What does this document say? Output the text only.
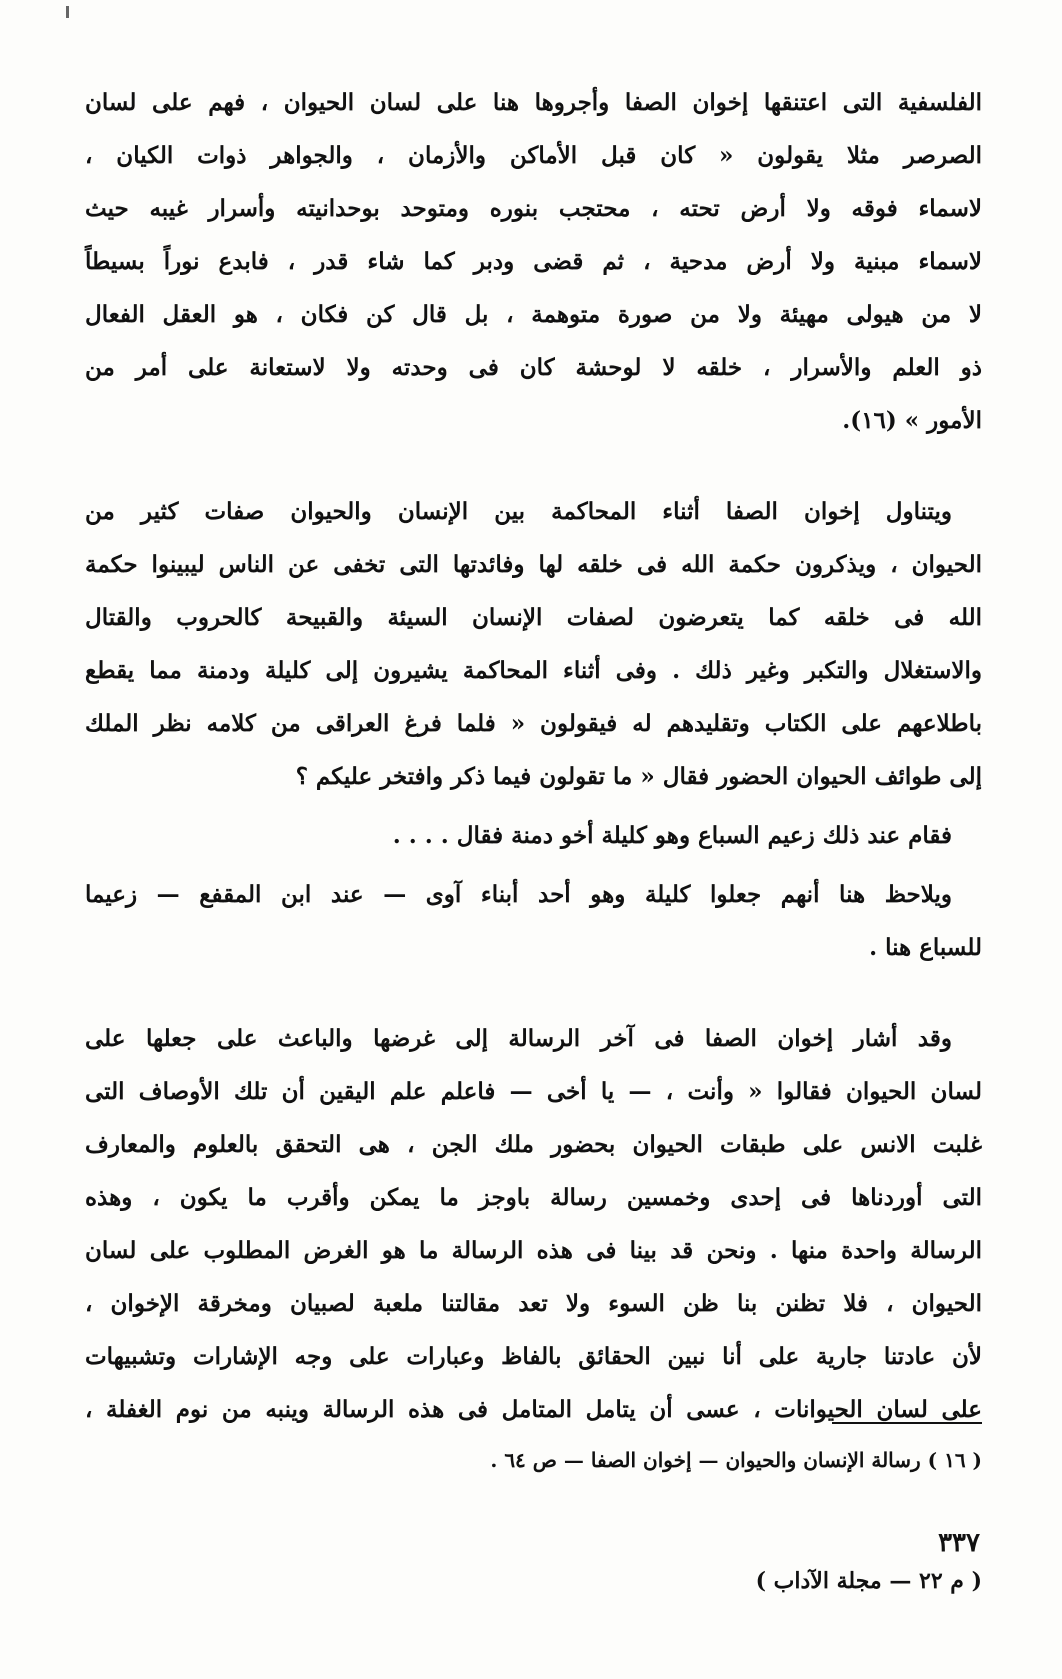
الفلسفية التى اعتنقها إخوان الصفا وأجروها هنا على لسان الحيوان ، فهم على لسان
الصرصر مثلا يقولون « كان قبل الأماكن والأزمان ، والجواهر ذوات الكيان ،
لاسماء فوقه ولا أرض تحته ، محتجب بنوره ومتوحد بوحدانيته وأسرار غيبه حيث
لاسماء مبنية ولا أرض مدحية ، ثم قضى ودبر كما شاء قدر ، فابدع نوراً بسيطاً
لا من هيولى مهيئة ولا من صورة متوهمة ، بل قال كن فكان ، هو العقل الفعال
ذو العلم والأسرار ، خلقه لا لوحشة كان فى وحدته ولا لاستعانة على أمر من
الأمور » (١٦).

ويتناول إخوان الصفا أثناء المحاكمة بين الإنسان والحيوان صفات كثير من
الحيوان ، ويذكرون حكمة الله فى خلقه لها وفائدتها التى تخفى عن الناس ليبينوا حكمة
الله فى خلقه كما يتعرضون لصفات الإنسان السيئة والقبيحة كالحروب والقتال
والاستغلال والتكبر وغير ذلك . وفى أثناء المحاكمة يشيرون إلى كليلة ودمنة مما يقطع
باطلاعهم على الكتاب وتقليدهم له فيقولون « فلما فرغ العراقى من كلامه نظر الملك
إلى طوائف الحيوان الحضور فقال « ما تقولون فيما ذكر وافتخر عليكم ؟

فقام عند ذلك زعيم السباع وهو كليلة أخو دمنة فقال . . . .

ويلاحظ هنا أنهم جعلوا كليلة وهو أحد أبناء آوى — عند ابن المقفع — زعيما
للسباع هنا .

وقد أشار إخوان الصفا فى آخر الرسالة إلى غرضها والباعث على جعلها على
لسان الحيوان فقالوا « وأنت ، — يا أخى — فاعلم علم اليقين أن تلك الأوصاف التى
غلبت الانس على طبقات الحيوان بحضور ملك الجن ، هى التحقق بالعلوم والمعارف
التى أوردناها فى إحدى وخمسين رسالة باوجز ما يمكن وأقرب ما يكون ، وهذه
الرسالة واحدة منها . ونحن قد بينا فى هذه الرسالة ما هو الغرض المطلوب على لسان
الحيوان ، فلا تظنن بنا ظن السوء ولا تعد مقالتنا ملعبة لصبيان ومخرقة الإخوان ،
لأن عادتنا جارية على أنا نبين الحقائق بالفاظ وعبارات على وجه الإشارات وتشبيهات
على لسان الحيوانات ، عسى أن يتامل المتامل فى هذه الرسالة وينبه من نوم الغفلة ،

( ١٦ ) رسالة الإنسان والحيوان — إخوان الصفا — ص ٦٤ .
٣٣٧
( م ٢٢ — مجلة الآداب )
